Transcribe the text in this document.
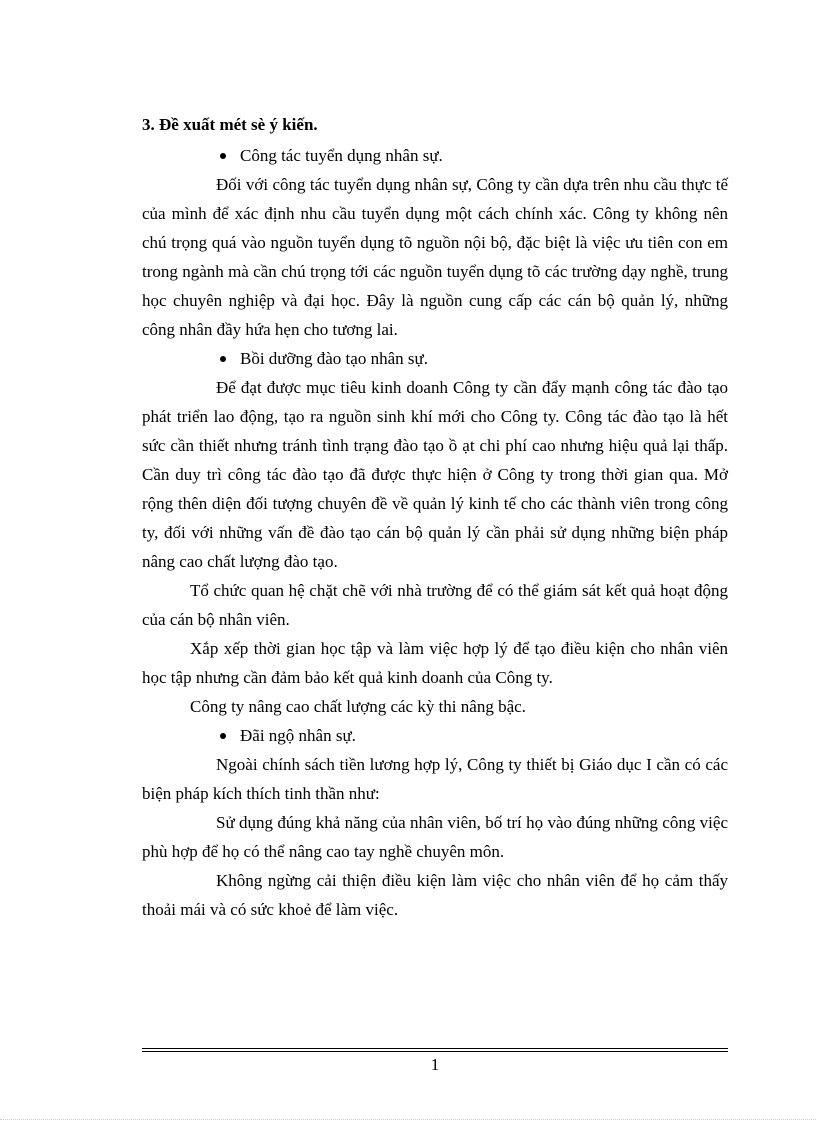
3. Đề xuất mét sè ý kiến.

Công tác tuyển dụng nhân sự.

Đối với công tác tuyển dụng nhân sự, Công ty cần dựa trên nhu cầu thực tế của mình để xác định nhu cầu tuyển dụng một cách chính xác. Công ty không nên chú trọng quá vào nguồn tuyển dụng tõ nguồn nội bộ, đặc biệt là việc ưu tiên con em trong ngành mà cần chú trọng tới các nguồn tuyển dụng tõ các trường dạy nghề, trung học chuyên nghiệp và đại học. Đây là nguồn cung cấp các cán bộ quản lý, những công nhân đầy hứa hẹn cho tương lai.

Bồi dưỡng đào tạo nhân sự.

Để đạt được mục tiêu kinh doanh Công ty cần đẩy mạnh công tác đào tạo phát triển lao động, tạo ra nguồn sinh khí mới cho Công ty. Công tác đào tạo là hết sức cần thiết nhưng tránh tình trạng đào tạo ồ ạt chi phí cao nhưng hiệu quả lại thấp. Cần duy trì công tác đào tạo đã được thực hiện ở Công ty trong thời gian qua. Mở rộng thên diện đối tượng chuyên đề về quản lý kinh tế cho các thành viên trong công ty, đối với những vấn đề đào tạo cán bộ quản lý cần phải sử dụng những biện pháp nâng cao chất lượng đào tạo.

Tổ chức quan hệ chặt chẽ với nhà trường để có thể giám sát kết quả hoạt động của cán bộ nhân viên.

Xắp xếp thời gian học tập và làm việc hợp lý để tạo điều kiện cho nhân viên học tập nhưng cần đảm bảo kết quả kinh doanh của Công ty.

Công ty nâng cao chất lượng các kỳ thi nâng bậc.

Đãi ngộ nhân sự.

Ngoài chính sách tiền lương hợp lý, Công ty thiết bị Giáo dục I cần có các biện pháp kích thích tinh thần như:

Sử dụng đúng khả năng của nhân viên, bố trí họ vào đúng những công việc phù hợp để họ có thể nâng cao tay nghề chuyên môn.

Không ngừng cải thiện điều kiện làm việc cho nhân viên để họ cảm thấy thoải mái và có sức khoẻ để làm việc.

1
